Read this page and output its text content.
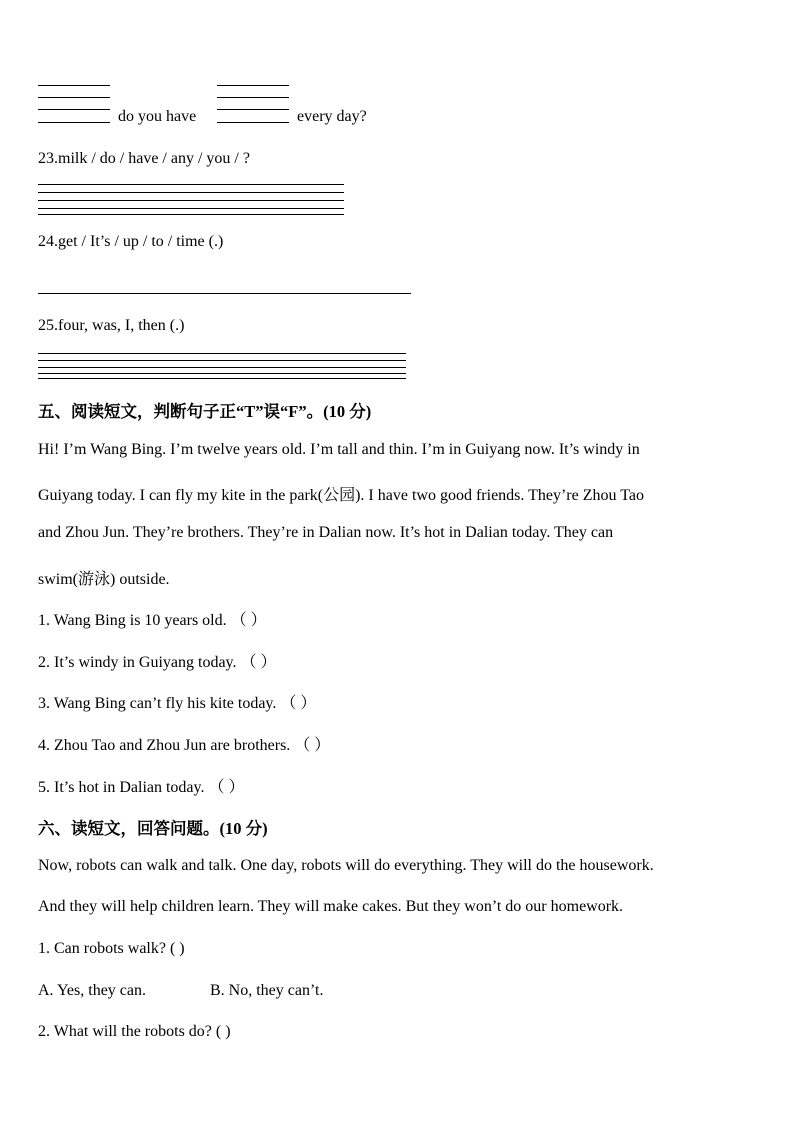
do you have	every day?
23.milk / do / have / any / you / ?
24.get / It’s / up / to / time (.)
25.four, was, I, then (.)
五、阅读短文，判断句子正“T”误“F”。(10 分)
Hi! I’m Wang Bing. I’m twelve years old. I’m tall and thin. I’m in Guiyang now. It’s windy in
Guiyang today. I can fly my kite in the park(公园). I have two good friends. They’re Zhou Tao
and Zhou Jun. They’re brothers. They’re in Dalian now. It’s hot in Dalian today. They can
swim(游泳) outside.
1. Wang Bing is 10 years old. （ ）
2. It’s windy in Guiyang today. （ ）
3. Wang Bing can’t fly his kite today. （ ）
4. Zhou Tao and Zhou Jun are brothers. （ ）
5. It’s hot in Dalian today. （ ）
六、读短文，回答问题。(10 分)
Now, robots can walk and talk. One day, robots will do everything. They will do the housework.
And they will help children learn. They will make cakes. But they won’t do our homework.
1. Can robots walk? ( )
A. Yes, they can.	B. No, they can’t.
2. What will the robots do? ( )
